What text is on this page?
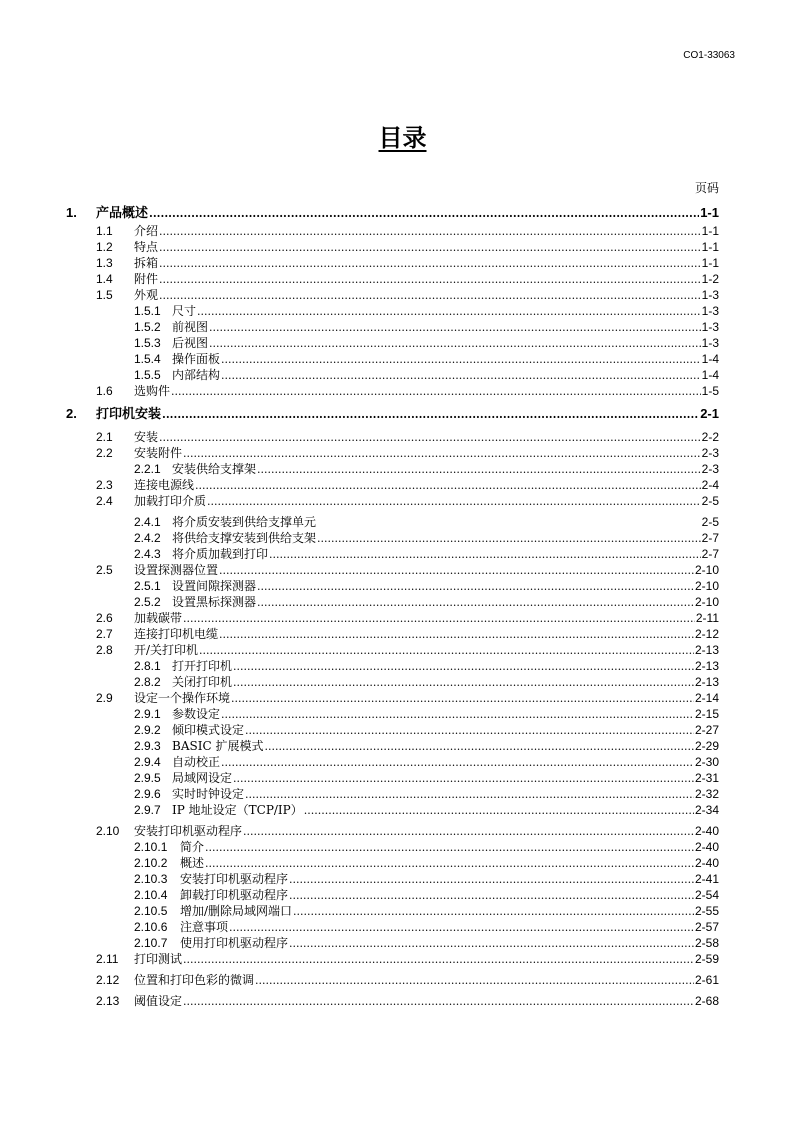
CO1-33063
目录
页码
1.	产品概述 .....	1-1
1.1	介绍 .....	1-1
1.2	特点 .....	1-1
1.3	拆箱 .....	1-1
1.4	附件 .....	1-2
1.5	外观 .....	1-3
1.5.1 尺寸 .....	1-3
1.5.2 前视图 .....	1-3
1.5.3 后视图 .....	1-3
1.5.4 操作面板 .....	1-4
1.5.5 内部结构 .....	1-4
1.6	选购件 .....	1-5
2.	打印机安装 .....	2-1
2.1	安装 .....	2-2
2.2	安装附件 .....	2-3
2.2.1 安装供给支撑架 .....	2-3
2.3	连接电源线 .....	2-4
2.4	加载打印介质 .....	2-5
2.4.1 将介质安装到供给支撑单元	2-5
2.4.2 将供给支撑安装到供给支架 .....	2-7
2.4.3 将介质加载到打印 .....	2-7
2.5	设置探测器位置 .....	2-10
2.5.1 设置间隙探测器 .....	2-10
2.5.2 设置黑标探测器 .....	2-10
2.6	加载碳带 .....	2-11
2.7	连接打印机电缆 .....	2-12
2.8	开/关打印机 .....	2-13
2.8.1 打开打印机 .....	2-13
2.8.2 关闭打印机 .....	2-13
2.9	设定一个操作环境 .....	2-14
2.9.1 参数设定 .....	2-15
2.9.2 倾印模式设定 .....	2-27
2.9.3 BASIC 扩展模式 .....	2-29
2.9.4 自动校正 .....	2-30
2.9.5 局域网设定 .....	2-31
2.9.6 实时时钟设定 .....	2-32
2.9.7 IP 地址设定（TCP/IP） .....	2-34
2.10	安装打印机驱动程序 .....	2-40
2.10.1	简介 .....	2-40
2.10.2	概述 .....	2-40
2.10.3	安装打印机驱动程序 .....	2-41
2.10.4	卸载打印机驱动程序 .....	2-54
2.10.5	增加/删除局域网端口 .....	2-55
2.10.6	注意事项 .....	2-57
2.10.7	使用打印机驱动程序 .....	2-58
2.11	打印测试 .....	2-59
2.12	位置和打印色彩的微调 .....	2-61
2.13	阈值设定 .....	2-68
